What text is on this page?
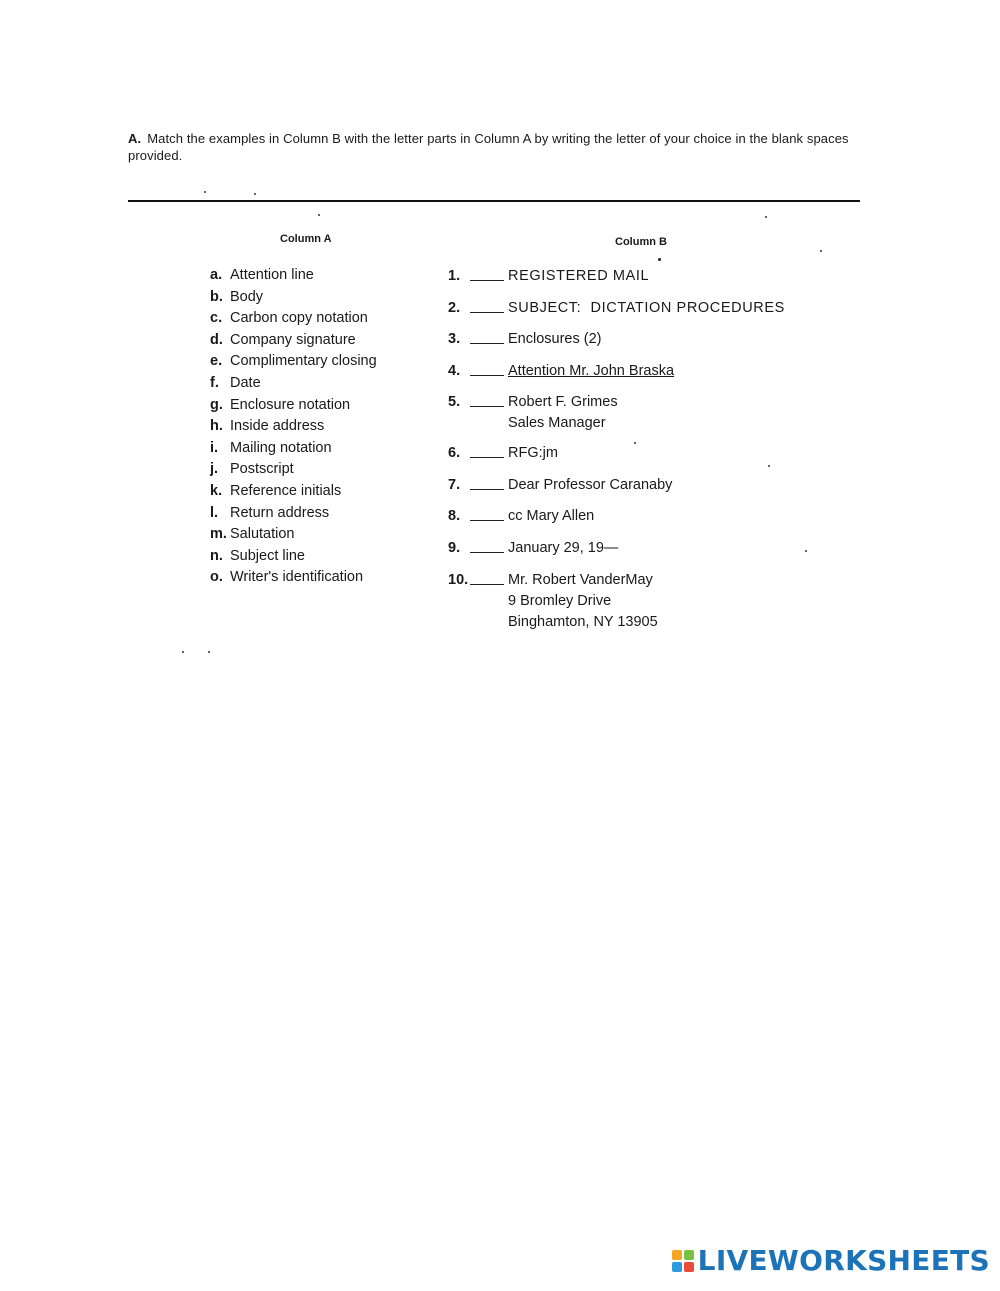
A. Match the examples in Column B with the letter parts in Column A by writing the letter of your choice in the blank spaces provided.
Column A	Column B
a. Attention line
b. Body
c. Carbon copy notation
d. Company signature
e. Complimentary closing
f. Date
g. Enclosure notation
h. Inside address
i. Mailing notation
j. Postscript
k. Reference initials
l. Return address
m. Salutation
n. Subject line
o. Writer's identification
1.	REGISTERED MAIL
2.	SUBJECT:  DICTATION PROCEDURES
3.	Enclosures (2)
4.	Attention Mr. John Braska
5.	Robert F. Grimes
Sales Manager
6.	RFG:jm
7.	Dear Professor Caranaby
8.	cc Mary Allen
9.	January 29, 19—
10.	Mr. Robert VanderMay
9 Bromley Drive
Binghamton, NY 13905
LIVEWORKSHEETS
